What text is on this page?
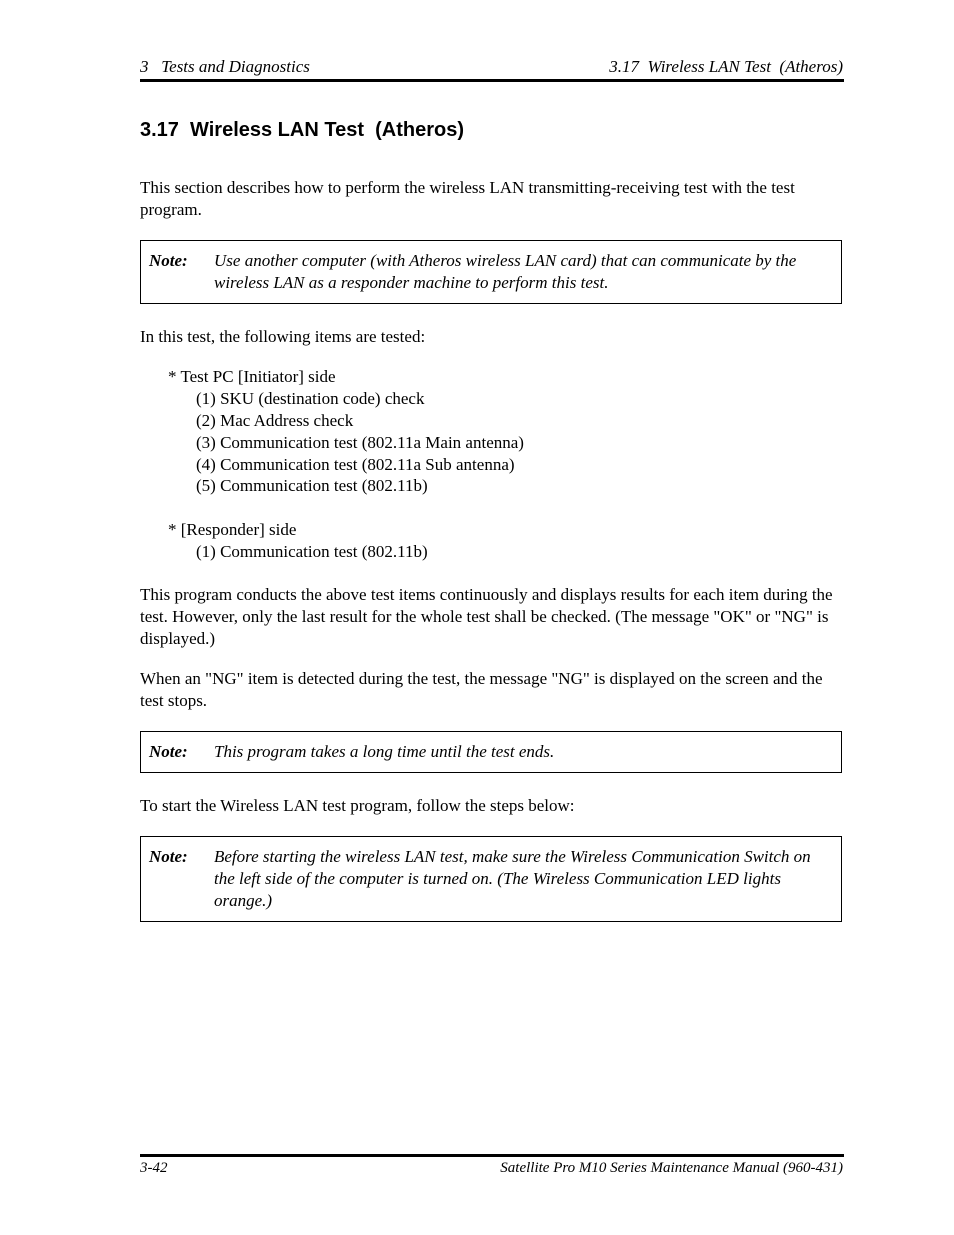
3   Tests and Diagnostics	3.17  Wireless LAN Test  (Atheros)
3.17  Wireless LAN Test  (Atheros)
This section describes how to perform the wireless LAN transmitting-receiving test with the test program.
Note: Use another computer (with Atheros wireless LAN card) that can communicate by the wireless LAN as a responder machine to perform this test.
In this test, the following items are tested:
* Test PC [Initiator] side
(1) SKU (destination code) check
(2) Mac Address check
(3) Communication test (802.11a Main antenna)
(4) Communication test (802.11a Sub antenna)
(5) Communication test (802.11b)
* [Responder] side
(1) Communication test (802.11b)
This program conducts the above test items continuously and displays results for each item during the test. However, only the last result for the whole test shall be checked. (The message "OK" or "NG" is displayed.)
When an "NG" item is detected during the test, the message "NG" is displayed on the screen and the test stops.
Note: This program takes a long time until the test ends.
To start the Wireless LAN test program, follow the steps below:
Note: Before starting the wireless LAN test, make sure the Wireless Communication Switch on the left side of the computer is turned on. (The Wireless Communication LED lights orange.)
3-42	Satellite Pro M10 Series Maintenance Manual (960-431)
